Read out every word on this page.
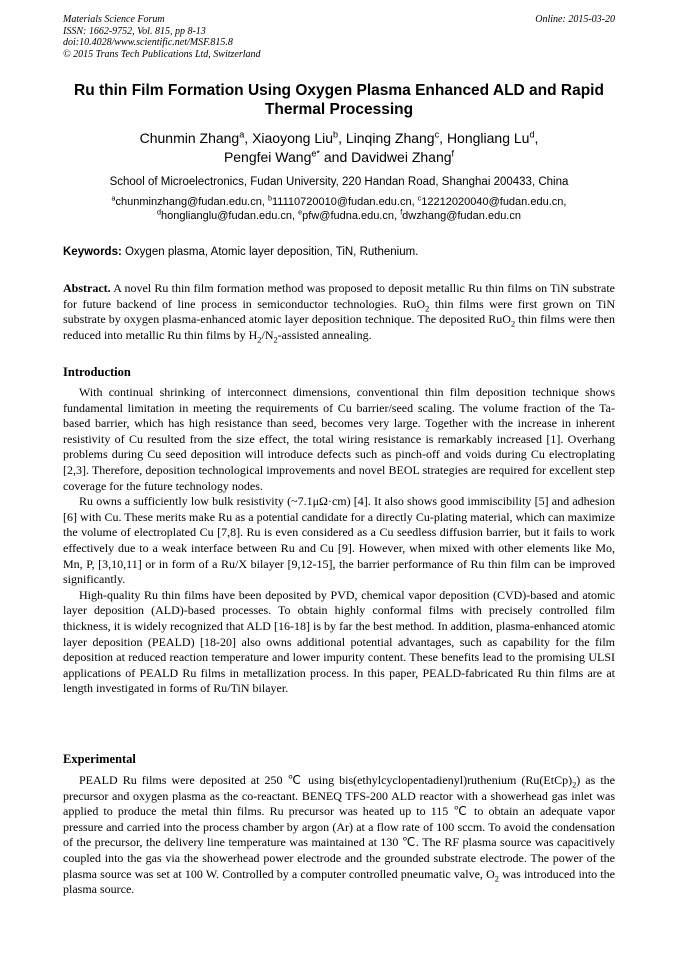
Materials Science Forum
ISSN: 1662-9752, Vol. 815, pp 8-13
doi:10.4028/www.scientific.net/MSF.815.8
© 2015 Trans Tech Publications Ltd, Switzerland
Online: 2015-03-20
Ru thin Film Formation Using Oxygen Plasma Enhanced ALD and Rapid
Thermal Processing
Chunmin Zhang$^a$, Xiaoyong Liu$^b$, Linqing Zhang$^c$, Hongliang Lu$^d$,
Pengfei Wang$^{e*}$ and Davidwei Zhang$^f$
School of Microelectronics, Fudan University, 220 Handan Road, Shanghai 200433, China
$^a$chunminzhang@fudan.edu.cn, $^b$11110720010@fudan.edu.cn, $^c$12212020040@fudan.edu.cn,
$^d$honglianglu@fudan.edu.cn, $^e$pfw@fudna.edu.cn, $^f$dwzhang@fudan.edu.cn
Keywords: Oxygen plasma, Atomic layer deposition, TiN, Ruthenium.

Abstract. A novel Ru thin film formation method was proposed to deposit metallic Ru thin films on TiN substrate for future backend of line process in semiconductor technologies. RuO$_2$ thin films were first grown on TiN substrate by oxygen plasma-enhanced atomic layer deposition technique. The deposited RuO$_2$ thin films were then reduced into metallic Ru thin films by $H_2/N_2$-assisted annealing.

Introduction

With continual shrinking of interconnect dimensions, conventional thin film deposition technique shows fundamental limitation in meeting the requirements of Cu barrier/seed scaling. The volume fraction of the Ta-based barrier, which has high resistance than seed, becomes very large. Together with the increase in inherent resistivity of Cu resulted from the size effect, the total wiring resistance is remarkably increased [1]. Overhang problems during Cu seed deposition will introduce defects such as pinch-off and voids during Cu electroplating [2,3]. Therefore, deposition technological improvements and novel BEOL strategies are required for excellent step coverage for the future technology nodes.

Ru owns a sufficiently low bulk resistivity (~7.1μΩ·cm) [4]. It also shows good immiscibility [5] and adhesion [6] with Cu. These merits make Ru as a potential candidate for a directly Cu-plating material, which can maximize the volume of electroplated Cu [7,8]. Ru is even considered as a Cu seedless diffusion barrier, but it fails to work effectively due to a weak interface between Ru and Cu [9]. However, when mixed with other elements like Mo, Mn, P, [3,10,11] or in form of a Ru/X bilayer [9,12-15], the barrier performance of Ru thin film can be improved significantly.

High-quality Ru thin films have been deposited by PVD, chemical vapor deposition (CVD)-based and atomic layer deposition (ALD)-based processes. To obtain highly conformal films with precisely controlled film thickness, it is widely recognized that ALD [16-18] is by far the best method. In addition, plasma-enhanced atomic layer deposition (PEALD) [18-20] also owns additional potential advantages, such as capability for the film deposition at reduced reaction temperature and lower impurity content. These benefits lead to the promising ULSI applications of PEALD Ru films in metallization process. In this paper, PEALD-fabricated Ru thin films are at length investigated in forms of Ru/TiN bilayer.

Experimental

PEALD Ru films were deposited at 250 ℃ using bis(ethylcyclopentadienyl)ruthenium $(Ru(EtCp)_2)$ as the precursor and oxygen plasma as the co-reactant. BENEQ TFS-200 ALD reactor with a showerhead gas inlet was applied to produce the metal thin films. Ru precursor was heated up to 115 ℃ to obtain an adequate vapor pressure and carried into the process chamber by argon (Ar) at a flow rate of 100 sccm. To avoid the condensation of the precursor, the delivery line temperature was maintained at 130 ℃. The RF plasma source was capacitively coupled into the gas via the showerhead power electrode and the grounded substrate electrode. The power of the plasma source was set at 100 W. Controlled by a computer controlled pneumatic valve, $O_2$ was introduced into the plasma source.
